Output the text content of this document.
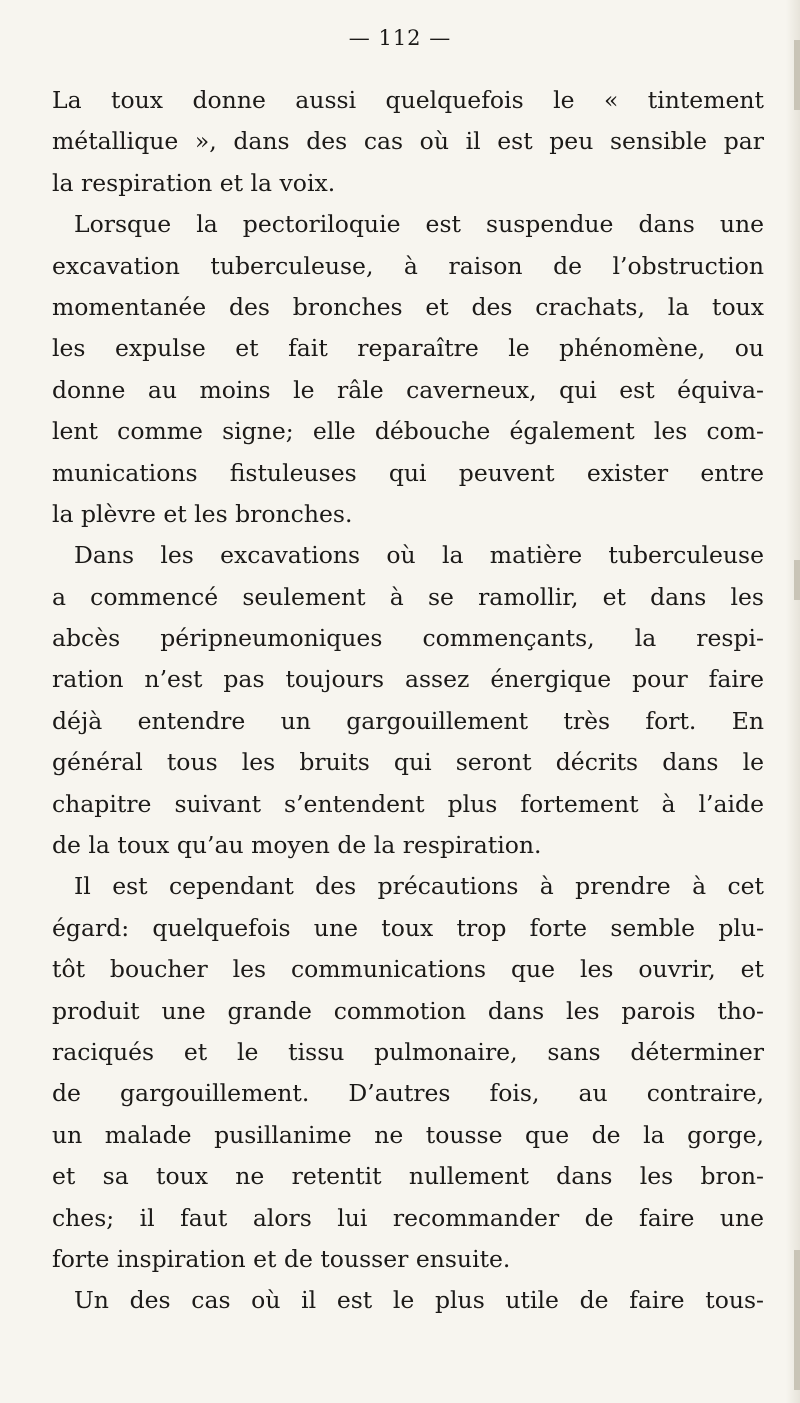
— 112 —
La toux donne aussi quelquefois le « tintement
métallique », dans des cas où il est peu sensible par
la respiration et la voix.
Lorsque la pectoriloquie est suspendue dans une
excavation tuberculeuse, à raison de l’obstruction
momentanée des bronches et des crachats, la toux
les expulse et fait reparaître le phénomène, ou
donne au moins le râle caverneux, qui est équiva-
lent comme signe; elle débouche également les com-
munications fistuleuses qui peuvent exister entre
la plèvre et les bronches.
Dans les excavations où la matière tuberculeuse
a commencé seulement à se ramollir, et dans les
abcès péripneumoniques commençants, la respi-
ration n’est pas toujours assez énergique pour faire
déjà entendre un gargouillement très fort. En
général tous les bruits qui seront décrits dans le
chapitre suivant s’entendent plus fortement à l’aide
de la toux qu’au moyen de la respiration.
Il est cependant des précautions à prendre à cet
égard: quelquefois une toux trop forte semble plu-
tôt boucher les communications que les ouvrir, et
produit une grande commotion dans les parois tho-
raciqués et le tissu pulmonaire, sans déterminer
de gargouillement. D’autres fois, au contraire,
un malade pusillanime ne tousse que de la gorge,
et sa toux ne retentit nullement dans les bron-
ches; il faut alors lui recommander de faire une
forte inspiration et de tousser ensuite.
Un des cas où il est le plus utile de faire tous-
